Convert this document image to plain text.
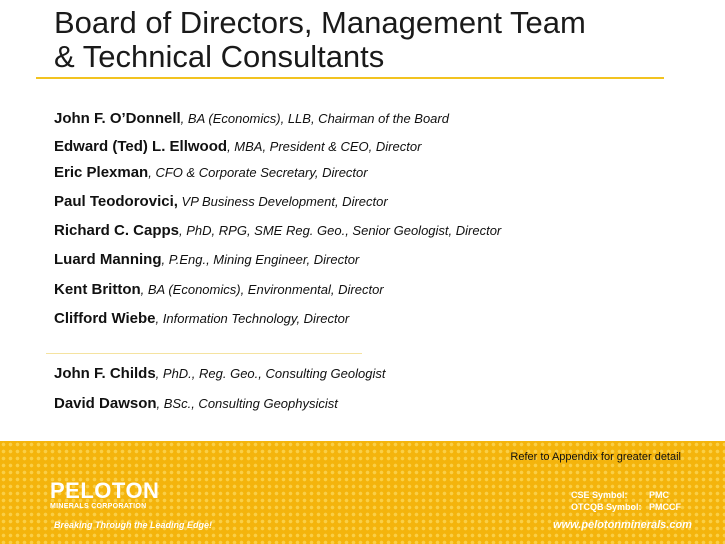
Board of Directors, Management Team
& Technical Consultants
John F. O’Donnell, BA (Economics), LLB, Chairman of the Board
Edward (Ted) L. Ellwood, MBA, President & CEO, Director
Eric Plexman, CFO & Corporate Secretary, Director
Paul Teodorovici, VP Business Development, Director
Richard C. Capps, PhD, RPG, SME Reg. Geo., Senior Geologist, Director
Luard Manning, P.Eng., Mining Engineer, Director
Kent Britton, BA (Economics), Environmental, Director
Clifford Wiebe, Information Technology, Director
John F. Childs, PhD., Reg. Geo., Consulting Geologist
David Dawson, BSc., Consulting Geophysicist
Refer to Appendix for greater detail
PELOTON
MINERALS CORPORATION
Breaking Through the Leading Edge!
CSE Symbol:	PMC
OTCQB Symbol: PMCCF
www.pelotonminerals.com
